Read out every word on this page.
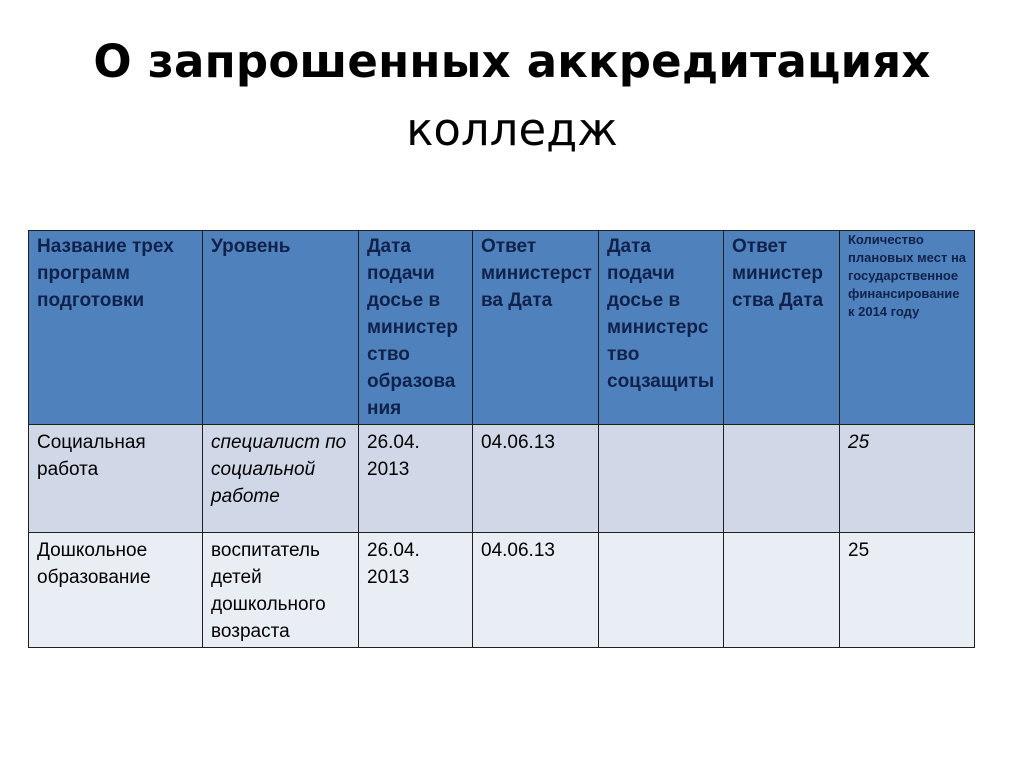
О запрошенных аккредитациях
колледж
Название трех программ подготовки	Уровень	Дата подачи досье в министерство образования	Ответ министерства Дата	Дата подачи досье в министерство соцзащиты	Ответ министерства Дата	Количество плановых мест на государственное финансирование к 2014 году
Социальная работа	специалист по социальной работе	26.04. 2013	04.06.13			25
Дошкольное образование	воспитатель детей дошкольного возраста	26.04. 2013	04.06.13			25
